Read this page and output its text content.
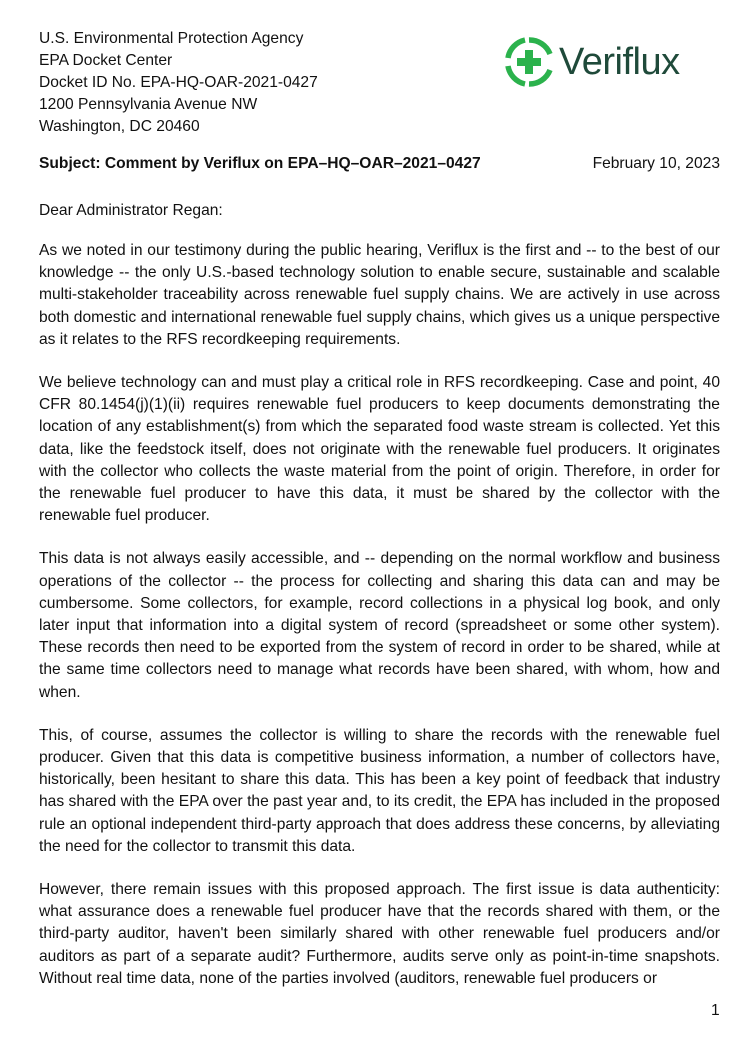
U.S. Environmental Protection Agency
EPA Docket Center
Docket ID No. EPA-HQ-OAR-2021-0427
1200 Pennsylvania Avenue NW
Washington, DC 20460
Veriflux
Subject: Comment by Veriflux on EPA–HQ–OAR–2021–0427	February 10, 2023
Dear Administrator Regan:

As we noted in our testimony during the public hearing, Veriflux is the first and -- to the best of our knowledge -- the only U.S.-based technology solution to enable secure, sustainable and scalable multi-stakeholder traceability across renewable fuel supply chains. We are actively in use across both domestic and international renewable fuel supply chains, which gives us a unique perspective as it relates to the RFS recordkeeping requirements.

We believe technology can and must play a critical role in RFS recordkeeping. Case and point, 40 CFR 80.1454(j)(1)(ii) requires renewable fuel producers to keep documents demonstrating the location of any establishment(s) from which the separated food waste stream is collected. Yet this data, like the feedstock itself, does not originate with the renewable fuel producers. It originates with the collector who collects the waste material from the point of origin. Therefore, in order for the renewable fuel producer to have this data, it must be shared by the collector with the renewable fuel producer.

This data is not always easily accessible, and -- depending on the normal workflow and business operations of the collector -- the process for collecting and sharing this data can and may be cumbersome. Some collectors, for example, record collections in a physical log book, and only later input that information into a digital system of record (spreadsheet or some other system). These records then need to be exported from the system of record in order to be shared, while at the same time collectors need to manage what records have been shared, with whom, how and when.

This, of course, assumes the collector is willing to share the records with the renewable fuel producer. Given that this data is competitive business information, a number of collectors have, historically, been hesitant to share this data. This has been a key point of feedback that industry has shared with the EPA over the past year and, to its credit, the EPA has included in the proposed rule an optional independent third-party approach that does address these concerns, by alleviating the need for the collector to transmit this data.

However, there remain issues with this proposed approach. The first issue is data authenticity: what assurance does a renewable fuel producer have that the records shared with them, or the third-party auditor, haven't been similarly shared with other renewable fuel producers and/or auditors as part of a separate audit? Furthermore, audits serve only as point-in-time snapshots. Without real time data, none of the parties involved (auditors, renewable fuel producers or

1
